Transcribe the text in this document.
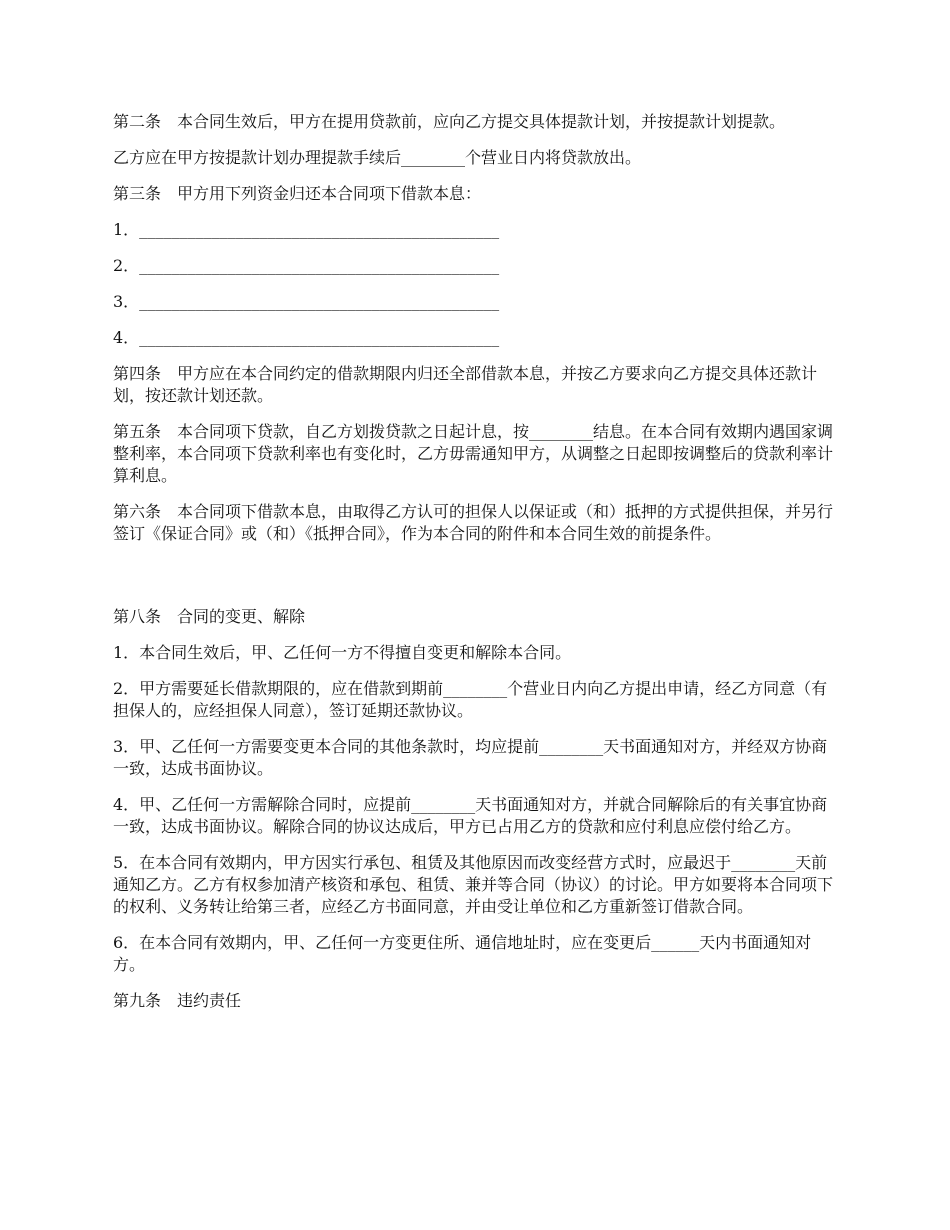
第二条　本合同生效后，甲方在提用贷款前，应向乙方提交具体提款计划，并按提款计划提款。

乙方应在甲方按提款计划办理提款手续后________个营业日内将贷款放出。

第三条　甲方用下列资金归还本合同项下借款本息：

1．_____________________________________________

2．_____________________________________________

3．_____________________________________________

4．_____________________________________________

第四条　甲方应在本合同约定的借款期限内归还全部借款本息，并按乙方要求向乙方提交具体还款计划，按还款计划还款。

第五条　本合同项下贷款，自乙方划拨贷款之日起计息，按________结息。在本合同有效期内遇国家调整利率，本合同项下贷款利率也有变化时，乙方毋需通知甲方，从调整之日起即按调整后的贷款利率计算利息。

第六条　本合同项下借款本息，由取得乙方认可的担保人以保证或（和）抵押的方式提供担保，并另行签订《保证合同》或（和）《抵押合同》，作为本合同的附件和本合同生效的前提条件。

第八条　合同的变更、解除

1．本合同生效后，甲、乙任何一方不得擅自变更和解除本合同。

2．甲方需要延长借款期限的，应在借款到期前________个营业日内向乙方提出申请，经乙方同意（有担保人的，应经担保人同意），签订延期还款协议。

3．甲、乙任何一方需要变更本合同的其他条款时，均应提前________天书面通知对方，并经双方协商一致，达成书面协议。

4．甲、乙任何一方需解除合同时，应提前________天书面通知对方，并就合同解除后的有关事宜协商一致，达成书面协议。解除合同的协议达成后，甲方已占用乙方的贷款和应付利息应偿付给乙方。

5．在本合同有效期内，甲方因实行承包、租赁及其他原因而改变经营方式时，应最迟于________天前通知乙方。乙方有权参加清产核资和承包、租赁、兼并等合同（协议）的讨论。甲方如要将本合同项下的权利、义务转让给第三者，应经乙方书面同意，并由受让单位和乙方重新签订借款合同。

6．在本合同有效期内，甲、乙任何一方变更住所、通信地址时，应在变更后______天内书面通知对方。

第九条　违约责任
